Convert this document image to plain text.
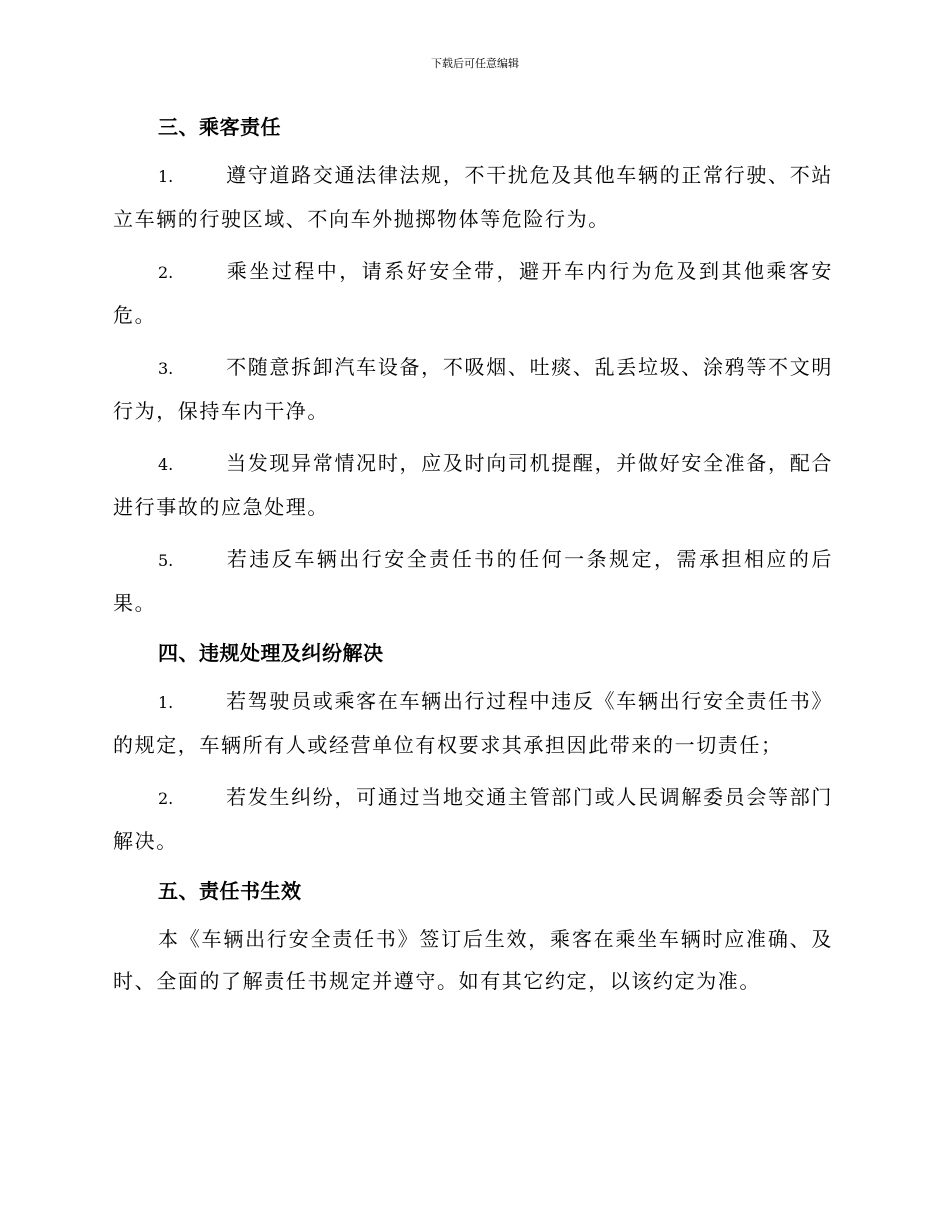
下载后可任意编辑
三、乘客责任

1.	遵守道路交通法律法规，不干扰危及其他车辆的正常行驶、不站立车辆的行驶区域、不向车外抛掷物体等危险行为。

2.	乘坐过程中，请系好安全带，避开车内行为危及到其他乘客安危。

3.	不随意拆卸汽车设备，不吸烟、吐痰、乱丢垃圾、涂鸦等不文明行为，保持车内干净。

4.	当发现异常情况时，应及时向司机提醒，并做好安全准备，配合进行事故的应急处理。

5.	若违反车辆出行安全责任书的任何一条规定，需承担相应的后果。

四、违规处理及纠纷解决

1.	若驾驶员或乘客在车辆出行过程中违反《车辆出行安全责任书》的规定，车辆所有人或经营单位有权要求其承担因此带来的一切责任；

2.	若发生纠纷，可通过当地交通主管部门或人民调解委员会等部门解决。

五、责任书生效

本《车辆出行安全责任书》签订后生效，乘客在乘坐车辆时应准确、及时、全面的了解责任书规定并遵守。如有其它约定，以该约定为准。
